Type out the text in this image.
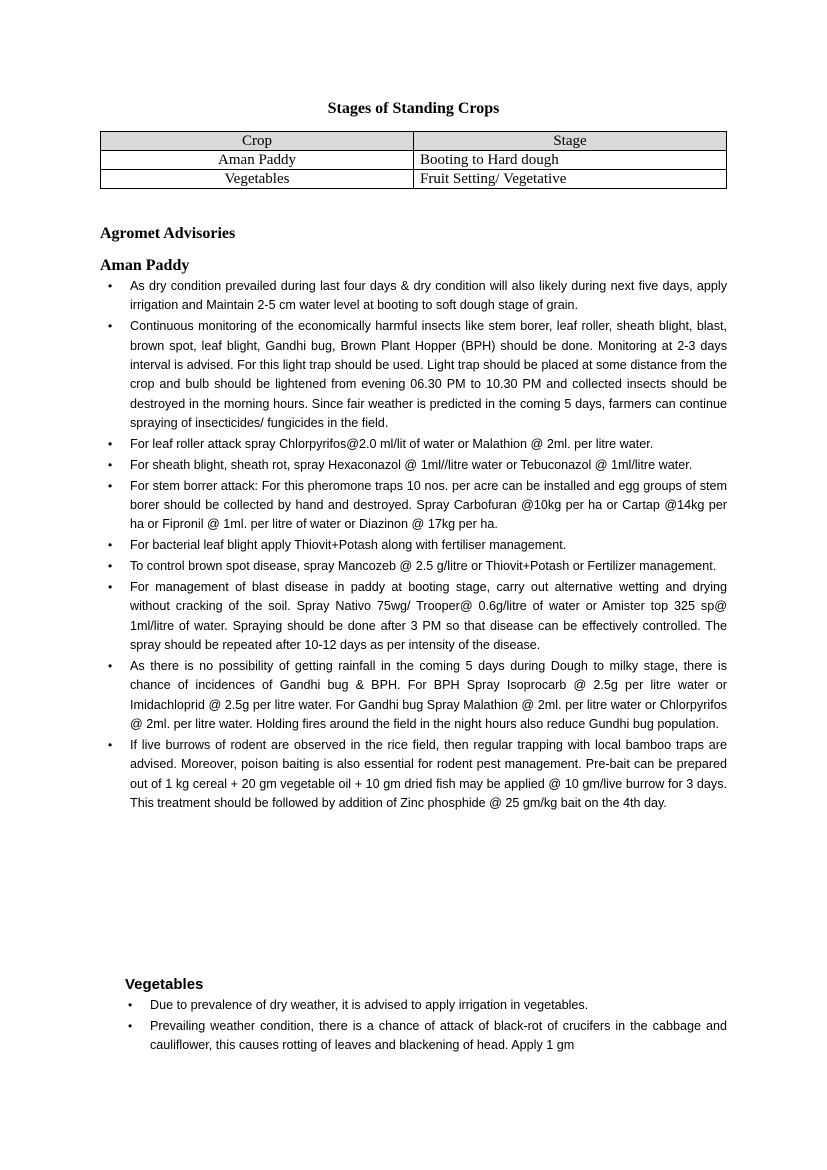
Stages of Standing Crops
Crop	Stage
Aman Paddy	Booting to Hard dough
Vegetables	Fruit Setting/ Vegetative
Agromet Advisories
Aman Paddy
• As dry condition prevailed during last four days & dry condition will also likely during next five days, apply irrigation and Maintain 2-5 cm water level at booting to soft dough stage of grain.
• Continuous monitoring of the economically harmful insects like stem borer, leaf roller, sheath blight, blast, brown spot, leaf blight, Gandhi bug, Brown Plant Hopper (BPH) should be done. Monitoring at 2-3 days interval is advised. For this light trap should be used. Light trap should be placed at some distance from the crop and bulb should be lightened from evening 06.30 PM to 10.30 PM and collected insects should be destroyed in the morning hours. Since fair weather is predicted in the coming 5 days, farmers can continue spraying of insecticides/ fungicides in the field.
• For leaf roller attack spray Chlorpyrifos@2.0 ml/lit of water or Malathion @ 2ml. per litre water.
• For sheath blight, sheath rot, spray Hexaconazol @ 1ml//litre water or Tebuconazol @ 1ml/litre water.
• For stem borrer attack: For this pheromone traps 10 nos. per acre can be installed and egg groups of stem borer should be collected by hand and destroyed. Spray Carbofuran @10kg per ha or Cartap @14kg per ha or Fipronil @ 1ml. per litre of water or Diazinon @ 17kg per ha.
• For bacterial leaf blight apply Thiovit+Potash along with fertiliser management.
• To control brown spot disease, spray Mancozeb @ 2.5 g/litre or Thiovit+Potash or Fertilizer management.
• For management of blast disease in paddy at booting stage, carry out alternative wetting and drying without cracking of the soil. Spray Nativo 75wg/ Trooper@ 0.6g/litre of water or Amister top 325 sp@ 1ml/litre of water. Spraying should be done after 3 PM so that disease can be effectively controlled. The spray should be repeated after 10-12 days as per intensity of the disease.
• As there is no possibility of getting rainfall in the coming 5 days during Dough to milky stage, there is chance of incidences of Gandhi bug & BPH. For BPH Spray Isoprocarb @ 2.5g per litre water or Imidachloprid @ 2.5g per litre water. For Gandhi bug Spray Malathion @ 2ml. per litre water or Chlorpyrifos @ 2ml. per litre water. Holding fires around the field in the night hours also reduce Gundhi bug population.
• If live burrows of rodent are observed in the rice field, then regular trapping with local bamboo traps are advised. Moreover, poison baiting is also essential for rodent pest management. Pre-bait can be prepared out of 1 kg cereal + 20 gm vegetable oil + 10 gm dried fish may be applied @ 10 gm/live burrow for 3 days. This treatment should be followed by addition of Zinc phosphide @ 25 gm/kg bait on the 4th day.
Vegetables
• Due to prevalence of dry weather, it is advised to apply irrigation in vegetables.
• Prevailing weather condition, there is a chance of attack of black-rot of crucifers in the cabbage and cauliflower, this causes rotting of leaves and blackening of head. Apply 1 gm
